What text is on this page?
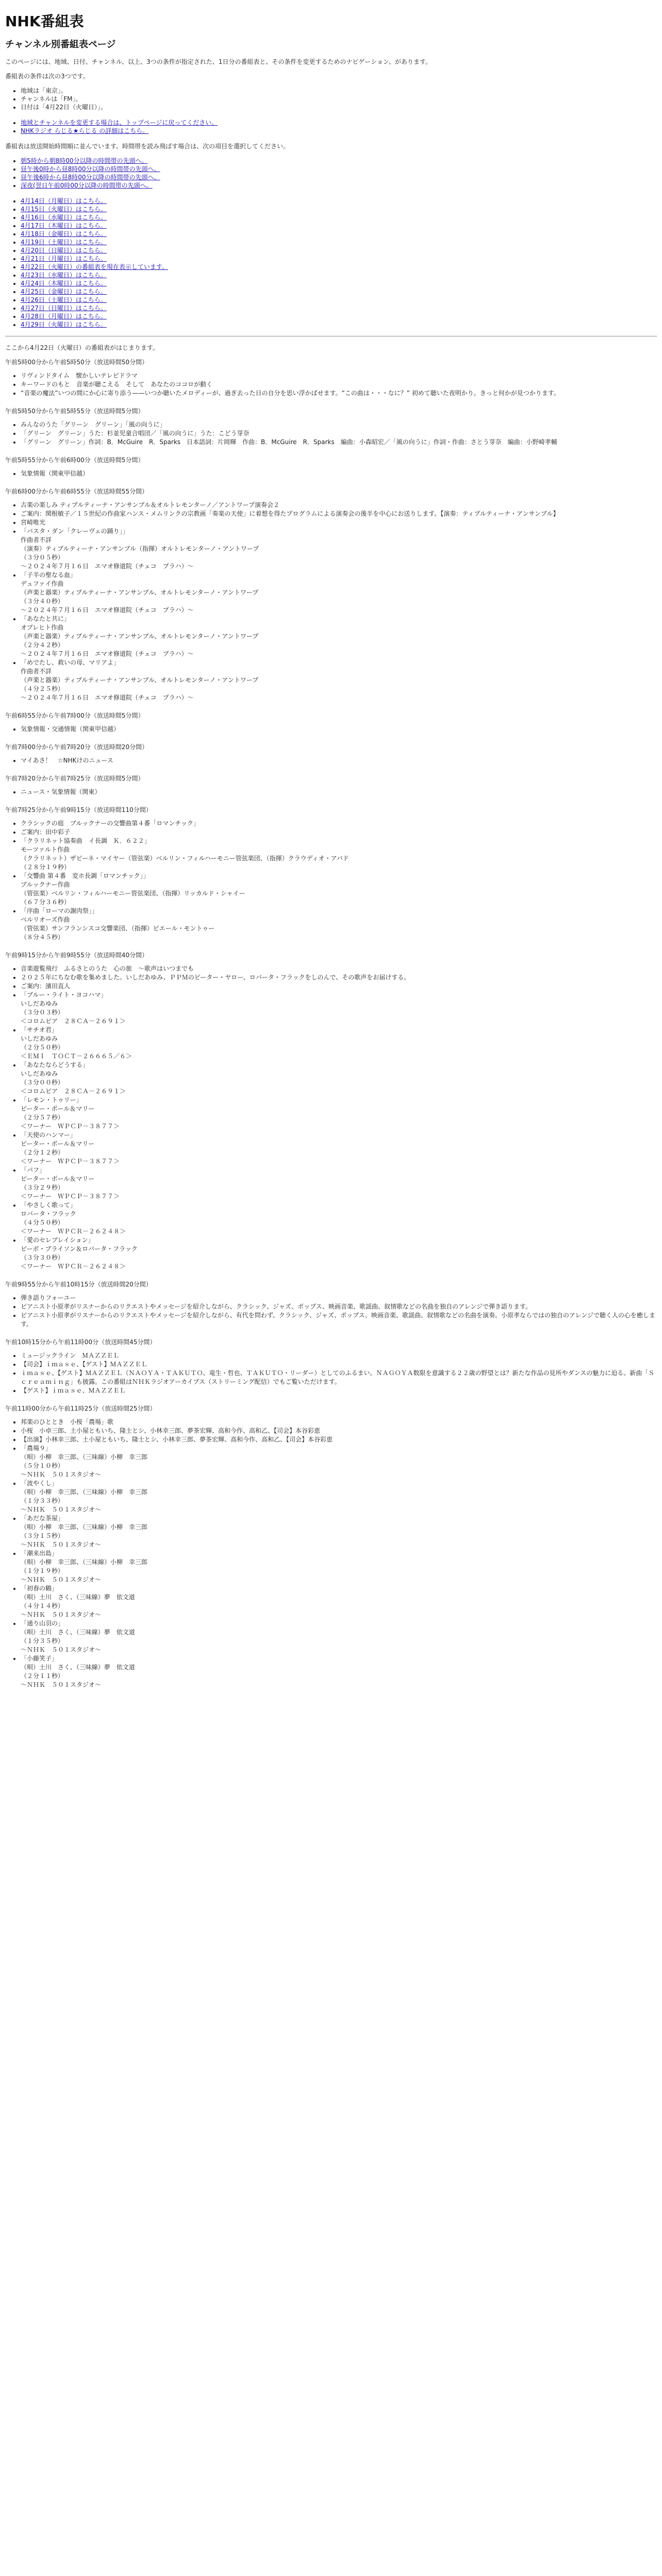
NHK番組表
チャンネル別番組表ページ

このページには、地域、日付、チャンネル、以上、3つの条件が指定された、1日分の番組表と、その条件を変更するためのナビゲーション、があります。

番組表の条件は次の3つです。

• 地域は「東京」。
• チャンネルは「FM」。
• 日付は「4月22日（火曜日）」。
• 地域とチャンネルを変更する場合は、トップページに戻ってください。
• NHKラジオ らじる★らじる の詳細はこちら。

番組表は放送開始時間順に並んでいます。時間帯を読み飛ばす場合は、次の項目を選択してください。

• 朝5時から朝8時00分以降の時間帯の先頭へ。
• 昼午後0時から昼8時00分以降の時間帯の先頭へ。
• 昼午後6時から昼8時00分以降の時間帯の先頭へ。
• 深夜(翌日午前0時00分以降の時間帯の先頭へ。
• 4月14日（月曜日）はこちら。
• 4月15日（火曜日）はこちら。
• 4月16日（水曜日）はこちら。
• 4月17日（木曜日）はこちら。
• 4月18日（金曜日）はこちら。
• 4月19日（土曜日）はこちら。
• 4月20日（日曜日）はこちら。
• 4月21日（月曜日）はこちら。
• 4月22日（火曜日）の番組表を現在表示しています。
• 4月23日（水曜日）はこちら。
• 4月24日（木曜日）はこちら。
• 4月25日（金曜日）はこちら。
• 4月26日（土曜日）はこちら。
• 4月27日（日曜日）はこちら。
• 4月28日（月曜日）はこちら。
• 4月29日（火曜日）はこちら。

ここから4月22日（火曜日）の番組表がはじまります。

午前5時00分から午前5時50分（放送時間50分間）

• リヴィンドタイム　懐かしいテレビドラマ
• キーワードのもと　音楽が聴こえる　そして　あなたのココロが動く
• “音楽の魔法”いつの間にか心に寄り添う——いつか聴いたメロディーが、過ぎ去った日の自分を思い浮かばせます。“この曲は・・・なに？” 初めて聴いた夜明かり。きっと何かが見つかります。

午前5時50分から午前5時55分（放送時間5分間）

• みんなのうた「グリーン　グリーン」「風の向うに」
• 「グリーン　グリーン」うた：杉並児童合唱団／「風の向うに」うた：こどう芽奈
• 「グリーン　グリーン」作詞：B．McGuire　R．Sparks　日本語詞：片岡輝　作曲：B．McGuire　R．Sparks　編曲：小森昭宏／「風の向うに」作詞・作曲：さとう芽奈　編曲：小野崎孝輔

午前5時55分から午前6時00分（放送時間5分間）

• 気象情報（関東甲信越）

午前6時00分から午前6時55分（放送時間55分間）

• 古楽の楽しみ ティプルティーナ・アンサンブル＆オルトレモンターノ／アントワープ演奏会２
• ご案内：関根敏子／１５世紀の作曲家ハンス・メムリンクの宗教画「奏楽の天使」に着想を得たプログラムによる演奏会の後半を中心にお送りします。【演奏：ティプルティーナ・アンサンブル】
• 宮崎唯光
• 「バスタ・ダン「クレーヴェの踊り」」
作曲者不詳
（演奏）ティプルティーナ・アンサンブル（指揮）オルトレモンターノ・アントワープ
（３分０５秒）
～２０２４年７月１６日　エマオ修道院（チェコ　プラハ）～
• 「子羊の聖なる血」
デュファイ作曲
（声楽と器楽）ティプルティーナ・アンサンブル、オルトレモンターノ・アントワープ
（３分４０秒）
～２０２４年７月１６日　エマオ修道院（チェコ　プラハ）～
• 「あなたと共に」
オブレヒト作曲
（声楽と器楽）ティプルティーナ・アンサンブル、オルトレモンターノ・アントワープ
（２分４２秒）
～２０２４年７月１６日　エマオ修道院（チェコ　プラハ）～
• 「めでたし、救いの母、マリアよ」
作曲者不詳
（声楽と器楽）ティプルティーナ・アンサンブル、オルトレモンターノ・アントワープ
（４分２５秒）
～２０２４年７月１６日　エマオ修道院（チェコ　プラハ）～

午前6時55分から午前7時00分（放送時間5分間）

• 気象情報・交通情報（関東甲信越）

午前7時00分から午前7時20分（放送時間20分間）

• マイあさ！　☆NHKけのニュース

午前7時20分から午前7時25分（放送時間5分間）

• ニュース・気象情報（関東）

午前7時25分から午前9時15分（放送時間110分間）

• クラシックの庭　ブルックナーの交響曲第４番「ロマンチック」
• ご案内：田中彩子
• 「クラリネット協奏曲　イ長調　Ｋ．６２２」
モーツァルト作曲
（クラリネット）ザビーネ・マイヤー（管弦楽）ベルリン・フィルハーモニー管弦楽団、（指揮）クラウディオ・アバド
（２８分１９秒）
• 「交響曲 第４番　変ホ長調「ロマンチック」」
ブルックナー作曲
（管弦楽）ベルリン・フィルハーモニー管弦楽団、（指揮）リッカルド・シャイー
（６７分３６秒）
• 「序曲「ローマの謝肉祭」」
ベルリオーズ作曲
（管弦楽）サンフランシスコ交響楽団、（指揮）ピエール・モントゥー
（８分４５秒）

午前9時15分から午前9時55分（放送時間40分間）

• 音楽遊覧飛行　ふるさとのうた　心の旅　～歌声はいつまでも
• ２０２５年にちなむ歌を集めました。いしだあゆみ、ＰＰＭのピーター・ヤロー、ロバータ・フラックをしのんで、その歌声をお届けする。
• ご案内：濱田直人
• 「ブルー・ライト・ヨコハマ」
いしだあゆみ
（３分０３秒）
＜コロムビア　２８ＣＡ－２６９１＞
• 「サチオ君」
いしだあゆみ
（２分５０秒）
＜ＥＭＩ　ＴＯＣＴ－２６６６５／６＞
• 「あなたならどうする」
いしだあゆみ
（３分００秒）
＜コロムビア　２８ＣＡ－２６９１＞
• 「レモン・トゥリー」
ピーター・ポール＆マリー
（２分５７秒）
＜ワーナー　ＷＰＣＰ－３８７７＞
• 「天使のハンマー」
ピーター・ポール＆マリー
（２分１２秒）
＜ワーナー　ＷＰＣＰ－３８７７＞
• 「パフ」
ピーター・ポール＆マリー
（３分２９秒）
＜ワーナー　ＷＰＣＰ－３８７７＞
• 「やさしく歌って」
ロバータ・フラック
（４分５０秒）
＜ワーナー　ＷＰＣＲ－２６２４８＞
• 「愛のセレブレイション」
ピーボ・ブライソン＆ロバータ・フラック
（３分３０秒）
＜ワーナー　ＷＰＣＲ－２６２４８＞

午前9時55分から午前10時15分（放送時間20分間）

• 弾き語りフォーユー
• ピアニスト小原孝がリスナーからのリクエストやメッセージを紹介しながら、クラシック、ジャズ、ポップス、映画音楽、歌謡曲、叙情歌などの名曲を独自のアレンジで弾き語ります。
• ピアニスト小原孝がリスナーからのリクエストやメッセージを紹介しながら、有代を問わず、クラシック、ジャズ、ポップス、映画音楽、歌謡曲、叙情歌などの名曲を演奏。小原孝ならではの独自のアレンジで聴く人の心を癒します。

午前10時15分から午前11時00分（放送時間45分間）

• ミュージックライン　ＭＡＺＺＥＬ
• 【司会】ｉｍａｓｅ、【ゲスト】ＭＡＺＺＥＬ
• ｉｍａｓｅ、【ゲスト】ＭＡＺＺＥＬ（ＮＡＯＹＡ・ＴＡＫＵＴＯ、竜生・哲也、ＴＡＫＵＴＯ・リーダー）としてのふるまい。ＮＡＧＯＹＡ数限を意識する２２歳の野望とは？新たな作品の見所やダンスの魅力に迫る。新曲「Ｓｃｒｅａｍｉｎｇ」も披露。この番組はＮＨＫラジオアーカイブス（ストリーミング配信）でもご覧いただけます。
• 【ゲスト】ｉｍａｓｅ、ＭＡＺＺＥＬ

午前11時00分から午前11時25分（放送時間25分間）

• 邦楽のひととき　小桜「農場」歌
• 小桜　小卓三郎、土小屋ともいち、隆士とシ、小林幸三郎、夢茶宏輝、高和今作、高和乙、【司会】本谷彩恵
• 【出演】小林幸三郎、土小屋ともいち、隆士とシ、小林幸三郎、夢茶宏輝、高和今作、高和乙、【司会】本谷彩恵
• 「農場９」
（唄）小柳　幸三郎、（三味線）小柳　幸三郎
（５分１０秒）
～ＮＨＫ　５０１スタジオ～
• 「波やくし」
（唄）小柳　幸三郎、（三味線）小柳　幸三郎
（１分３３秒）
～ＮＨＫ　５０１スタジオ～
• 「あだな茶屋」
（唄）小柳　幸三郎、（三味線）小柳　幸三郎
（３分１５秒）
～ＮＨＫ　５０１スタジオ～
• 「潮来出島」
（唄）小柳　幸三郎、（三味線）小柳　幸三郎
（１分１９秒）
～ＮＨＫ　５０１スタジオ～
• 「初春の鶴」
（唄）土川　さく、（三味線）夢　依文道
（４分１４秒）
～ＮＨＫ　５０１スタジオ～
• 「通り山羽の」
（唄）土川　さく、（三味線）夢　依文道
（１分３５秒）
～ＮＨＫ　５０１スタジオ～
• 「小藤笑子」
（唄）土川　さく、（三味線）夢　依文道
（２分１１秒）
～ＮＨＫ　５０１スタジオ～
